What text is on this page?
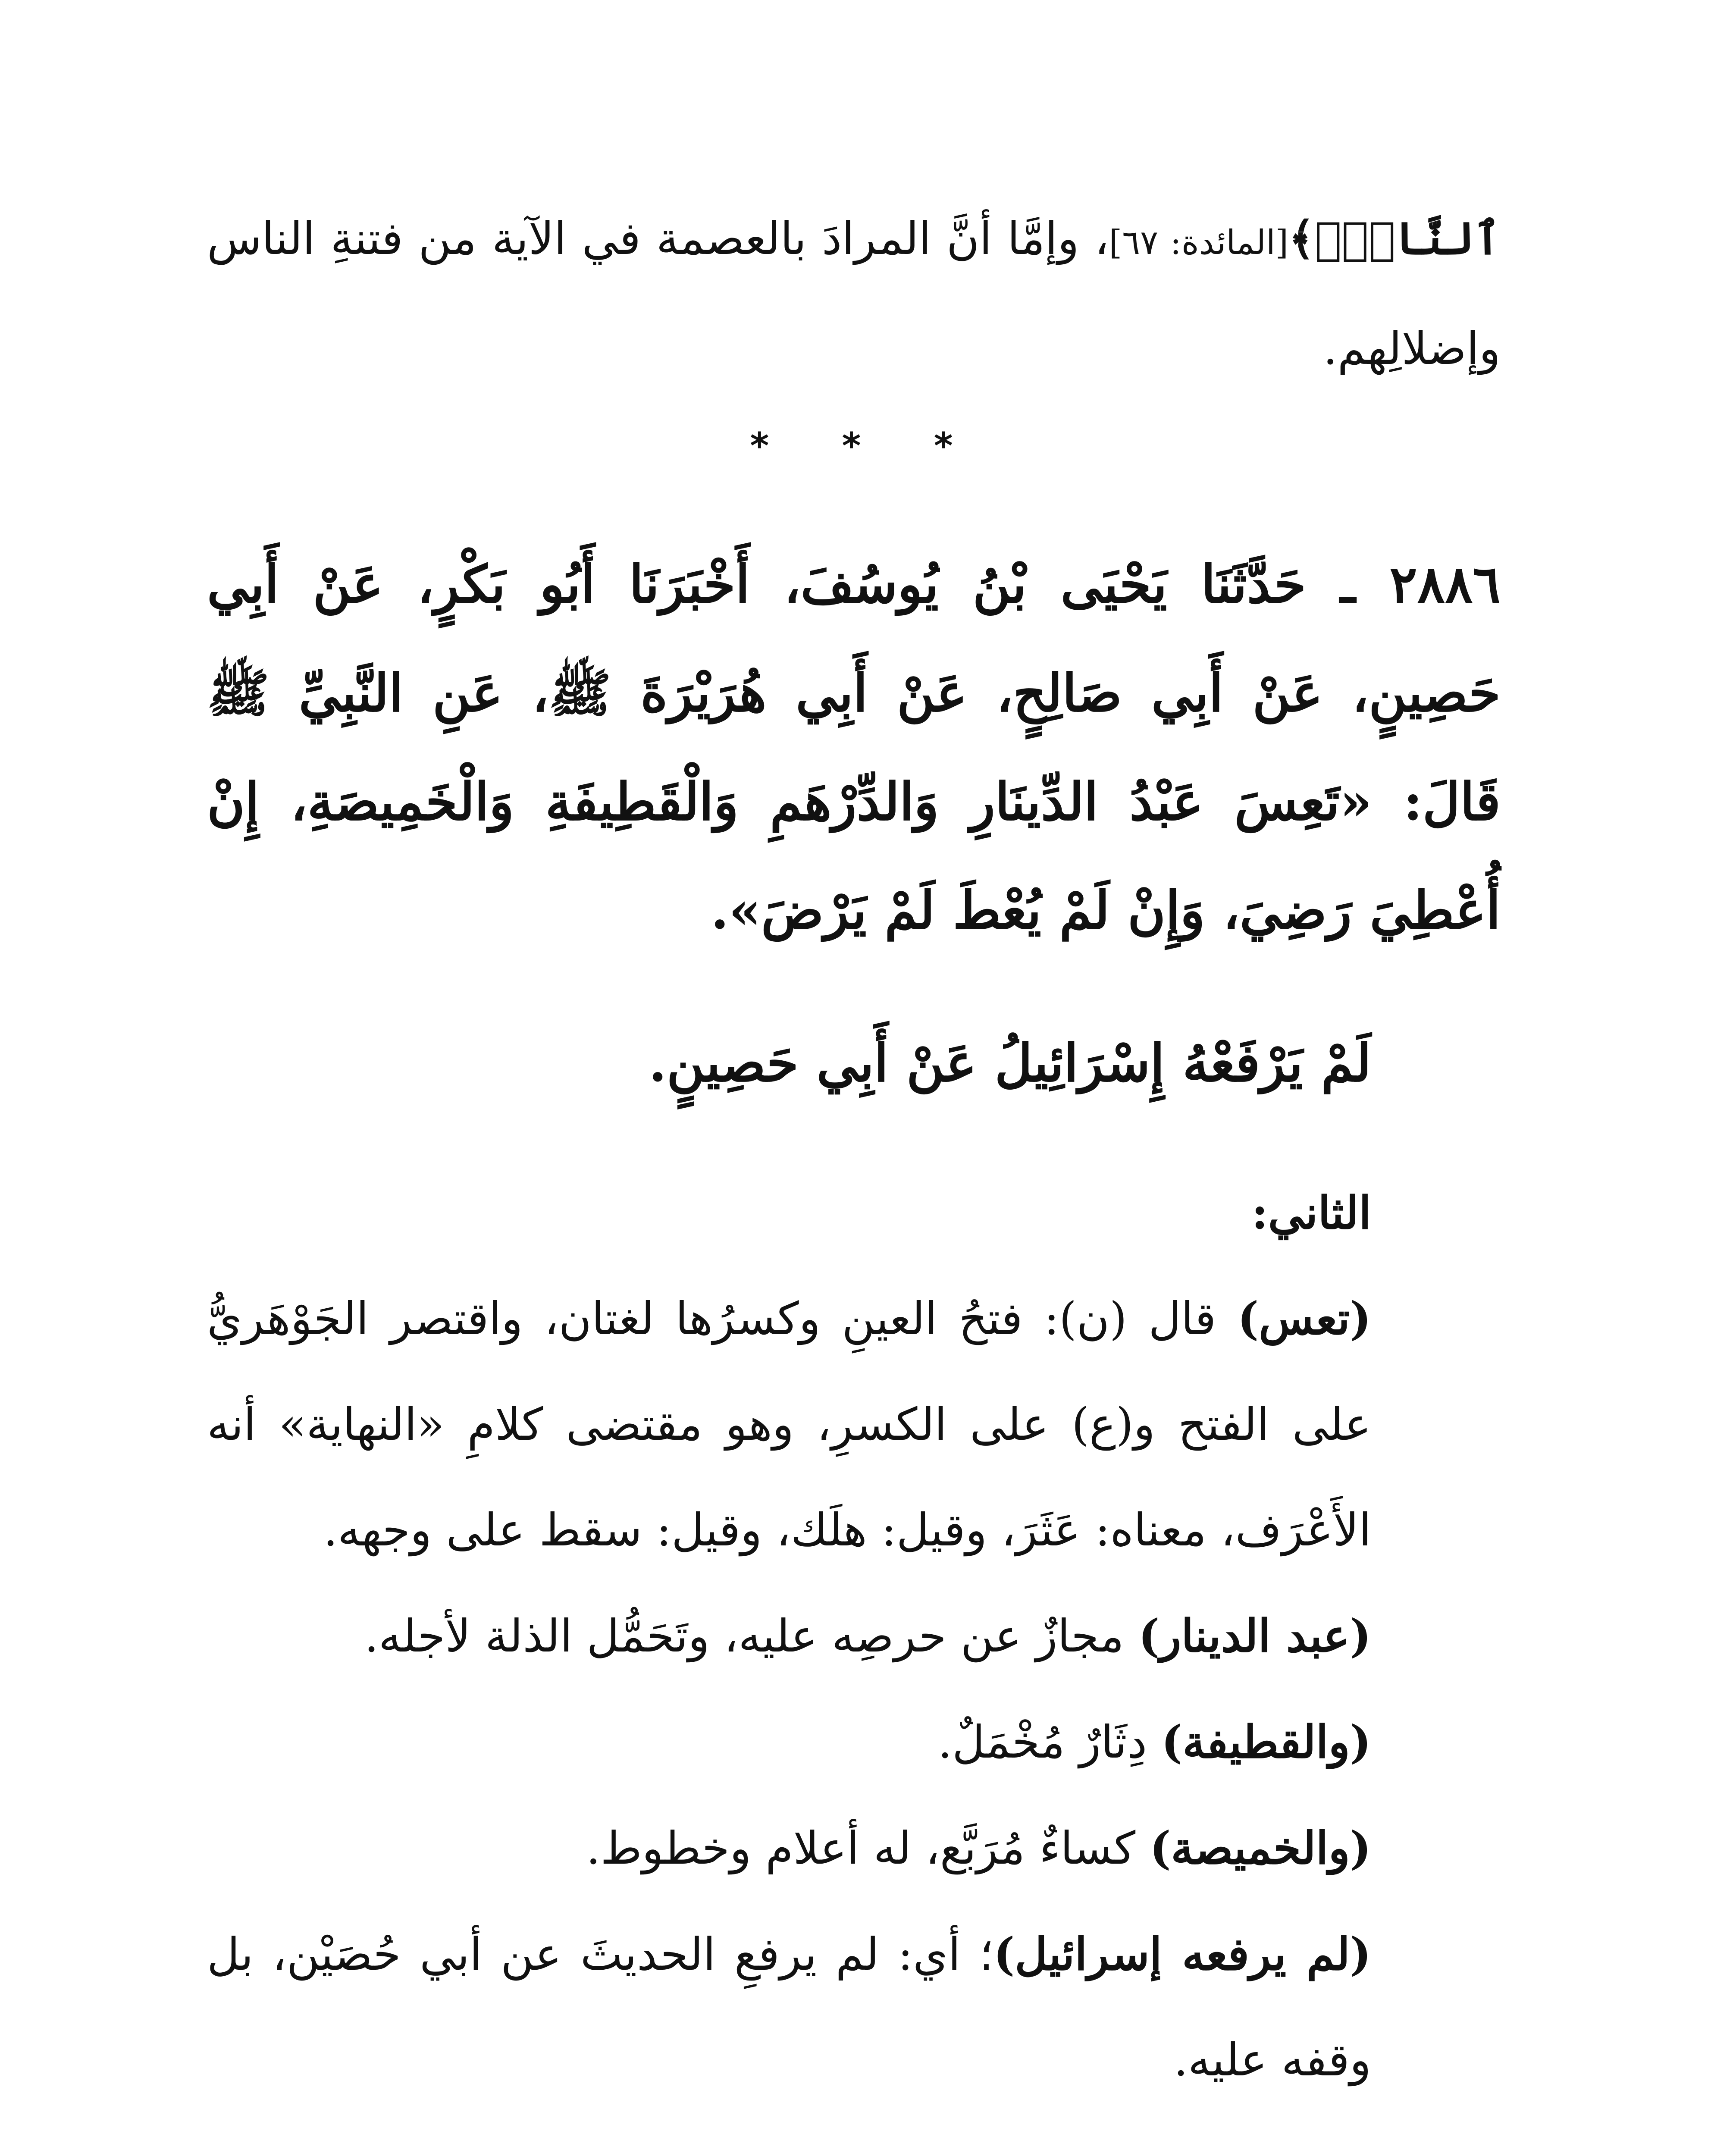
ٱلنَّاسِۗ﴾[المائدة: ٦٧]، وإمَّا أنَّ المرادَ بالعصمة في الآية من فتنةِ الناس وإضلالِهم.

* * *

٢٨٨٦ ـ حَدَّثَنَا يَحْيَى بْنُ يُوسُفَ، أَخْبَرَنَا أَبُو بَكْرٍ، عَنْ أَبِي حَصِينٍ، عَنْ أَبِي صَالِحٍ، عَنْ أَبِي هُرَيْرَةَ ﷺ، عَنِ النَّبِيِّ ﷺ قَالَ: «تَعِسَ عَبْدُ الدِّينَارِ وَالدِّرْهَمِ وَالْقَطِيفَةِ وَالْخَمِيصَةِ، إِنْ أُعْطِيَ رَضِيَ، وَإِنْ لَمْ يُعْطَ لَمْ يَرْضَ».

لَمْ يَرْفَعْهُ إِسْرَائِيلُ عَنْ أَبِي حَصِينٍ.

الثاني:

(تعس) قال (ن): فتحُ العينِ وكسرُها لغتان، واقتصر الجَوْهَريُّ على الفتح و(ع) على الكسرِ، وهو مقتضى كلامِ «النهاية» أنه الأَعْرَف، معناه: عَثَرَ، وقيل: هلَك، وقيل: سقط على وجهه.

(عبد الدينار) مجازٌ عن حرصِه عليه، وتَحَمُّل الذلة لأجله.

(والقطيفة) دِثَارٌ مُخْمَلٌ.

(والخميصة) كساءٌ مُرَبَّع، له أعلام وخطوط.

(لم يرفعه إسرائيل)؛ أي: لم يرفعِ الحديثَ عن أبي حُصَيْن، بل وقفه عليه.
